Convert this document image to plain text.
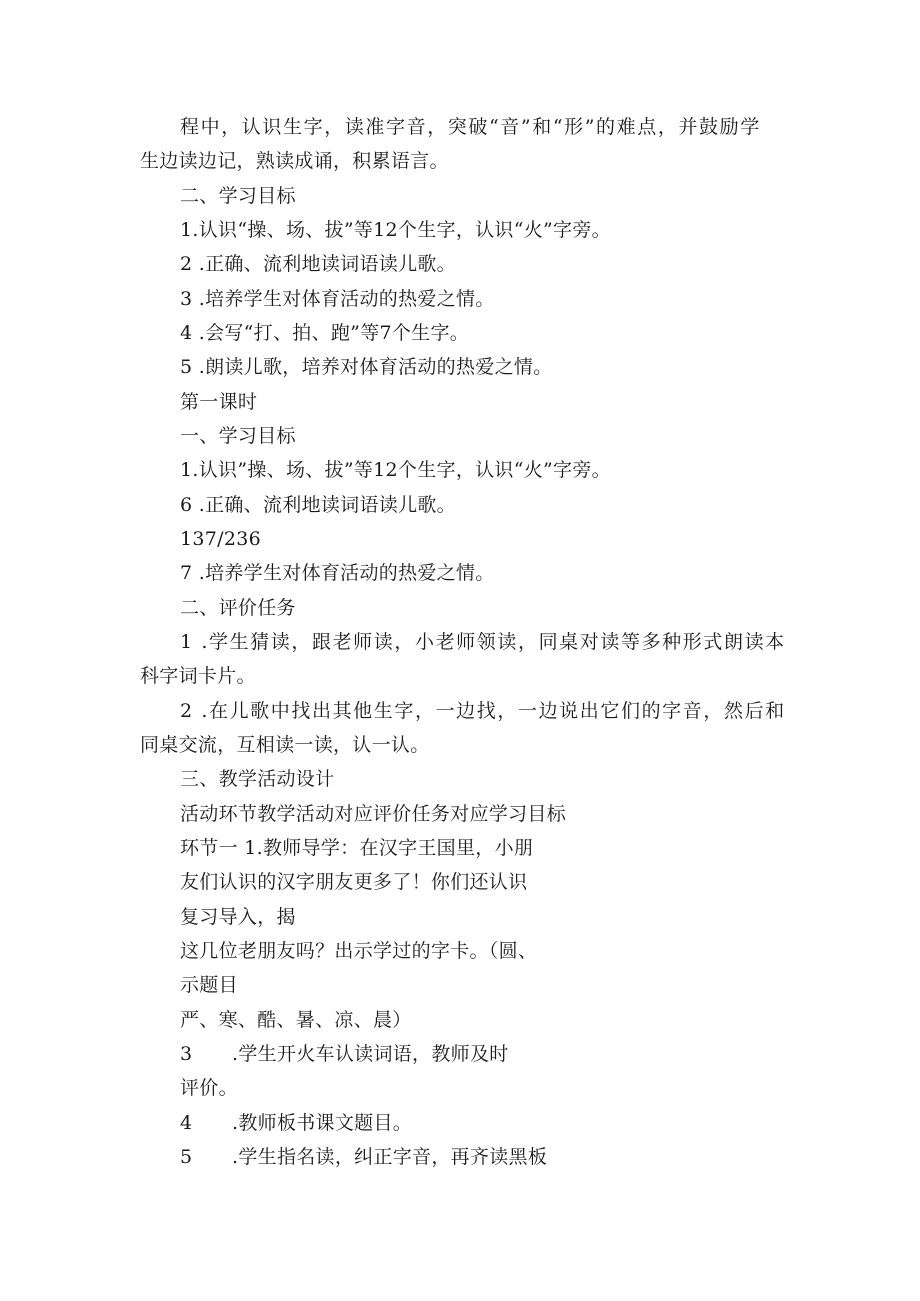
程中，认识生字，读准字音，突破“音”和“形”的难点，并鼓励学
生边读边记，熟读成诵，积累语言。
二、学习目标
1.认识“操、场、拔”等12个生字，认识“火”字旁。
2 .正确、流利地读词语读儿歌。
3 .培养学生对体育活动的热爱之情。
4 .会写“打、拍、跑”等7个生字。
5 .朗读儿歌，培养对体育活动的热爱之情。
第一课时
一、学习目标
1.认识”操、场、拔”等12个生字，认识“火”字旁。
6 .正确、流利地读词语读儿歌。
137/236
7 .培养学生对体育活动的热爱之情。
二、评价任务
1 .学生猜读，跟老师读，小老师领读，同桌对读等多种形式朗读本
科字词卡片。
2 .在儿歌中找出其他生字，一边找，一边说出它们的字音，然后和
同桌交流，互相读一读，认一认。
三、教学活动设计
活动环节教学活动对应评价任务对应学习目标
环节一 1.教师导学：在汉字王国里，小朋
友们认识的汉字朋友更多了！你们还认识
复习导入，揭
这几位老朋友吗？出示学过的字卡。（圆、
示题目
严、寒、酷、暑、凉、晨）
3 .学生开火车认读词语，教师及时
评价。
4 .教师板书课文题目。
5 .学生指名读，纠正字音，再齐读黑板
